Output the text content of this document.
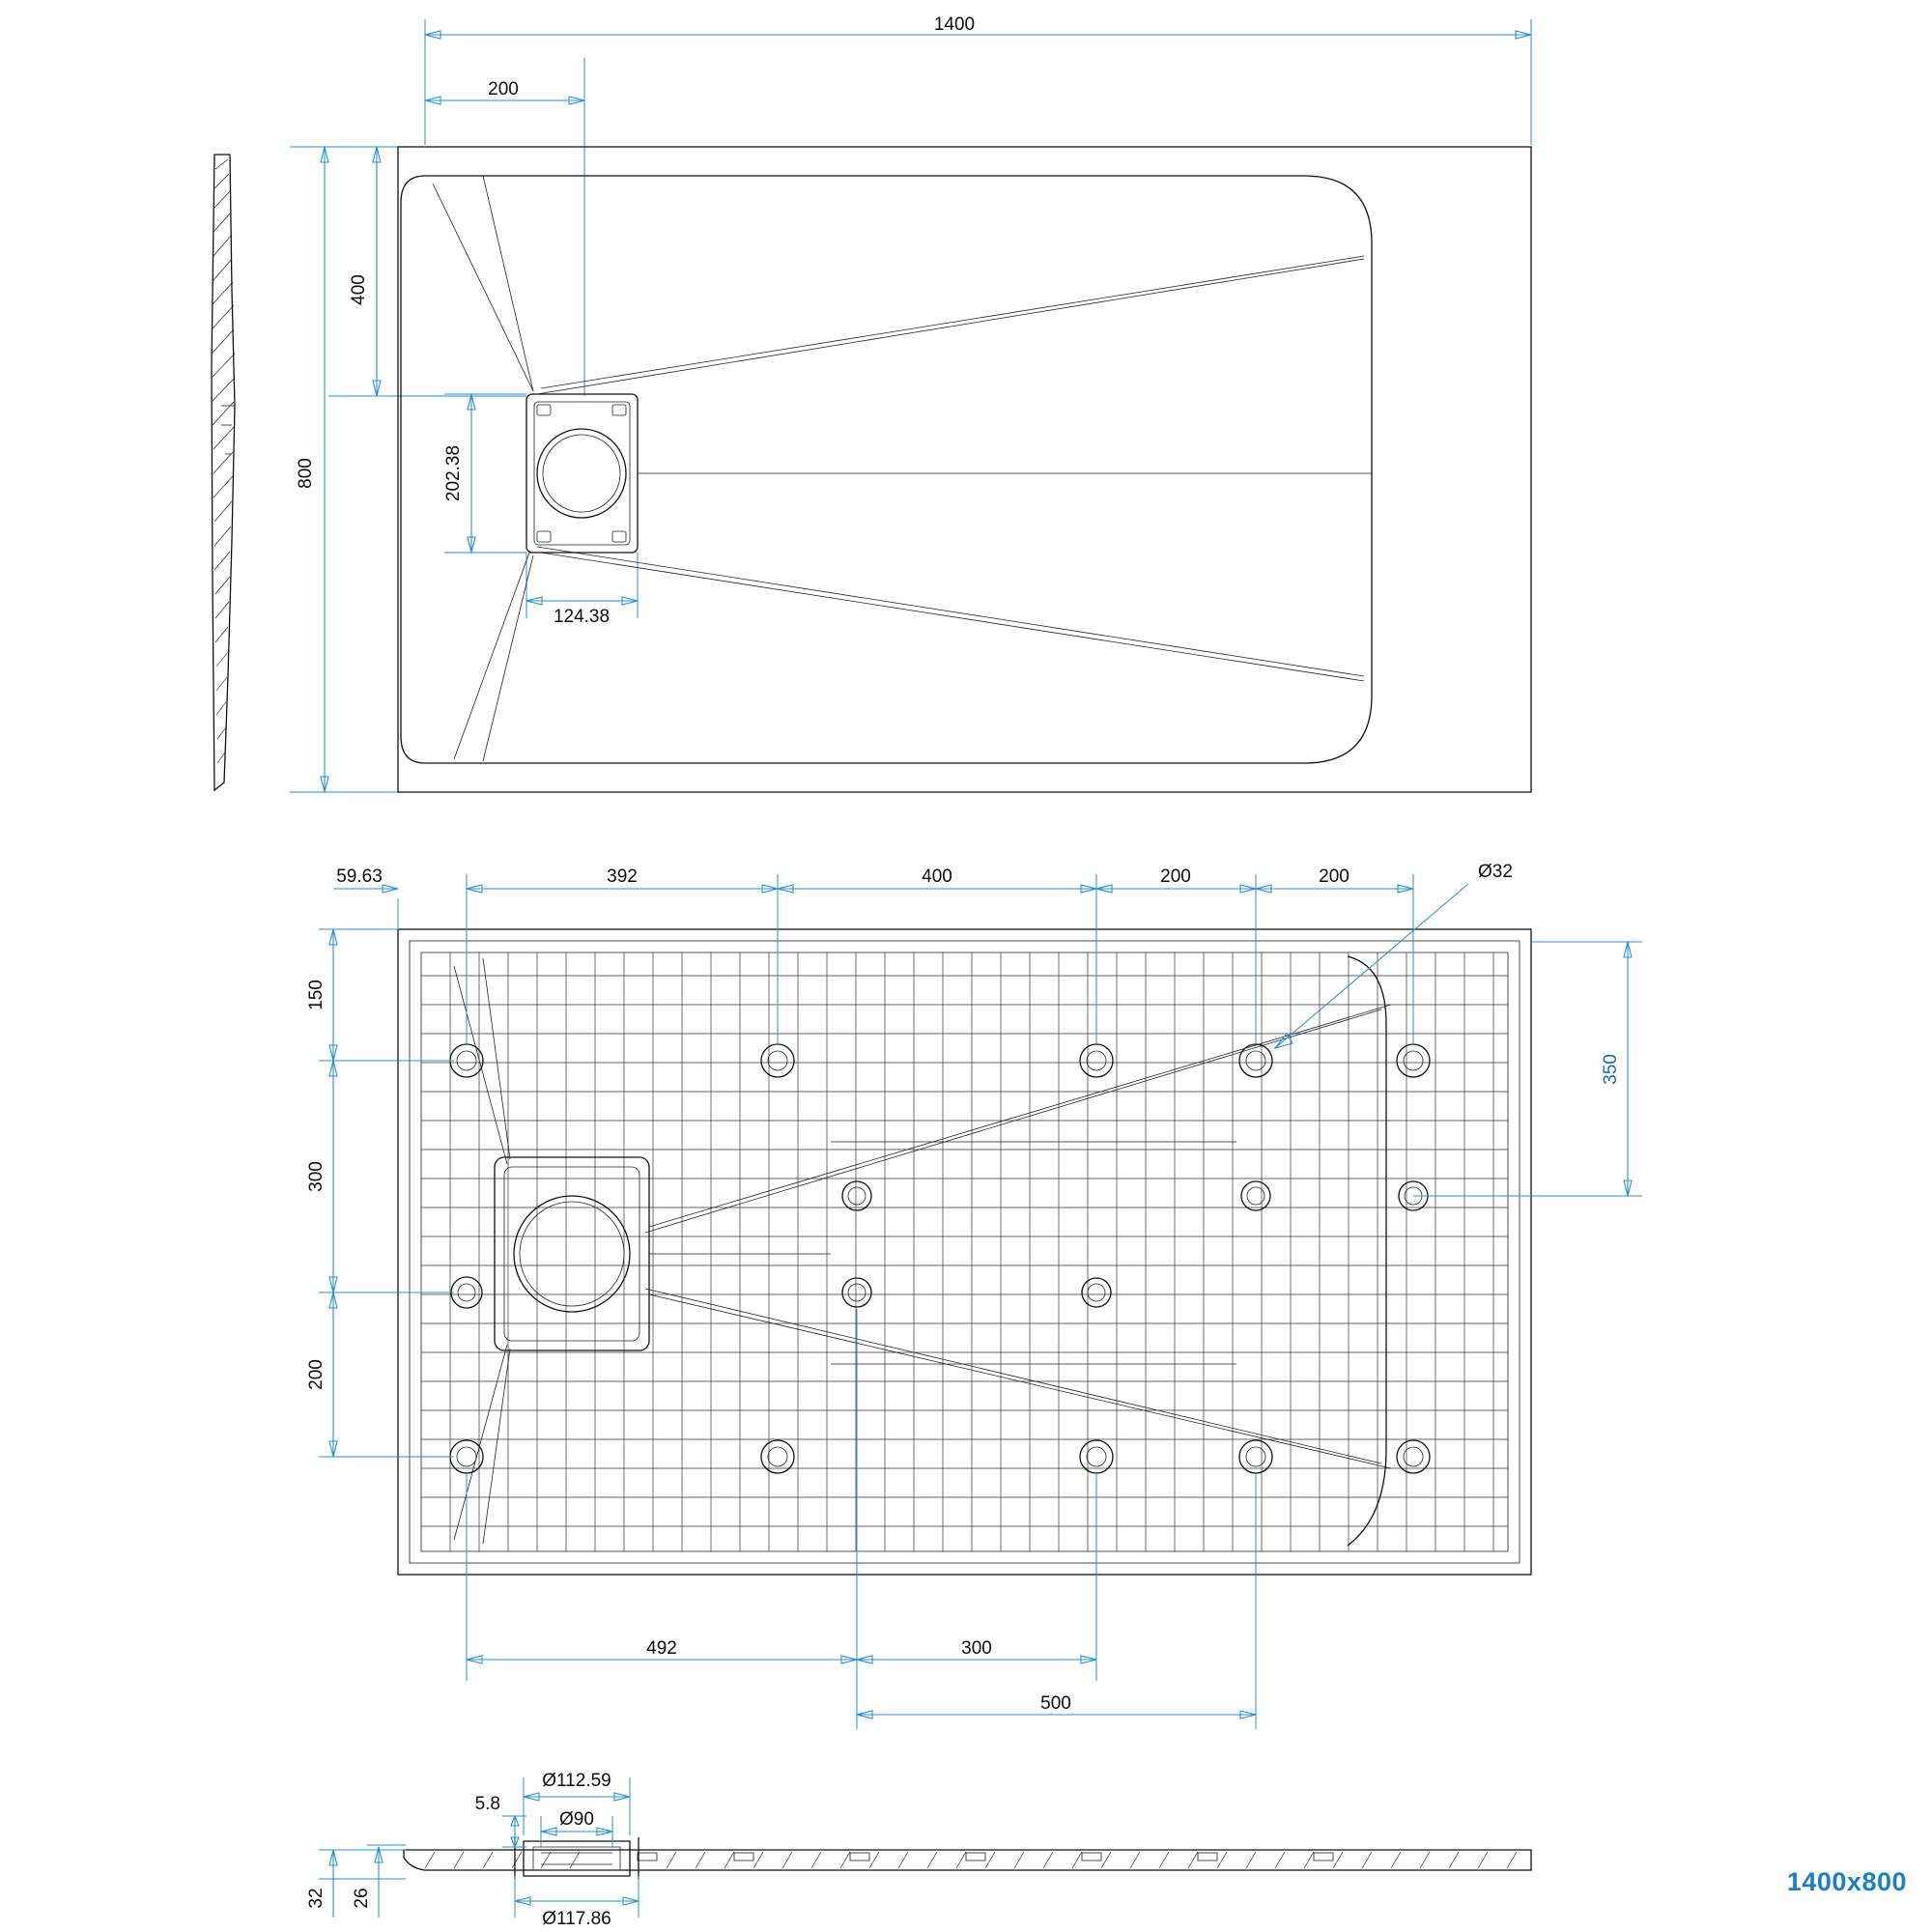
1400
200
800
400
202.38
124.38
59.63	392	400	200	200	Ø32
150
300
200
350
492	300
500
5.8
Ø112.59
Ø90
32 26
Ø117.86
1400x800
